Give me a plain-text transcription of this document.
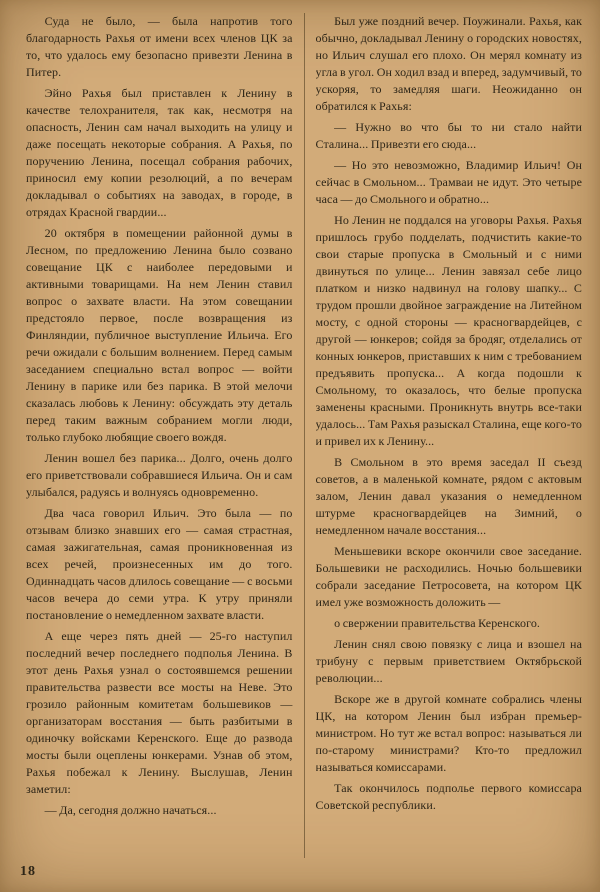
Суда не было, — была напротив того благодарность Рахья от имени всех членов ЦК за то, что удалось ему безопасно привезти Ленина в Питер.

Эйно Рахья был приставлен к Ленину в качестве телохранителя, так как, несмотря на опасность, Ленин сам начал выходить на улицу и даже посещать некоторые собрания. А Рахья, по поручению Ленина, посещал собрания рабочих, приносил ему копии резолюций, а по вечерам докладывал о событиях на заводах, в городе, в отрядах Красной гвардии...

20 октября в помещении районной думы в Лесном, по предложению Ленина было созвано совещание ЦК с наиболее передовыми и активными товарищами. На нем Ленин ставил вопрос о захвате власти. На этом совещании предстояло первое, после возвращения из Финляндии, публичное выступление Ильича. Его речи ожидали с большим волнением. Перед самым заседанием специально встал вопрос — войти Ленину в парике или без парика. В этой мелочи сказалась любовь к Ленину: обсуждать эту деталь перед таким важным собранием могли люди, только глубоко любящие своего вождя.

Ленин вошел без парика... Долго, очень долго его приветствовали собравшиеся Ильича. Он и сам улыбался, радуясь и волнуясь одновременно.

Два часа говорил Ильич. Это была — по отзывам близко знавших его — самая страстная, самая зажигательная, самая проникновенная из всех речей, произнесенных им до того. Одиннадцать часов длилось совещание — с восьми часов вечера до семи утра. К утру приняли постановление о немедленном захвате власти.

А еще через пять дней — 25-го наступил последний вечер последнего подполья Ленина. В этот день Рахья узнал о состоявшемся решении правительства развести все мосты на Неве. Это грозило районным комитетам большевиков — организаторам восстания — быть разбитыми в одиночку войсками Керенского. Еще до развода мосты были оцеплены юнкерами. Узнав об этом, Рахья побежал к Ленину. Выслушав, Ленин заметил:

— Да, сегодня должно начаться...

Был уже поздний вечер. Поужинали. Рахья, как обычно, докладывал Ленину о городских новостях, но Ильич слушал его плохо. Он мерял комнату из угла в угол. Он ходил взад и вперед, задумчивый, то ускоряя, то замедляя шаги. Неожиданно он обратился к Рахья:

— Нужно во что бы то ни стало найти Сталина... Привезти его сюда...

— Но это невозможно, Владимир Ильич! Он сейчас в Смольном... Трамваи не идут. Это четыре часа — до Смольного и обратно...

Но Ленин не поддался на уговоры Рахья. Рахья пришлось грубо подделать, подчистить какие-то свои старые пропуска в Смольный и с ними двинуться по улице... Ленин завязал себе лицо платком и низко надвинул на голову шапку... С трудом прошли двойное заграждение на Литейном мосту, с одной стороны — красногвардейцев, с другой — юнкеров; сойдя за бродяг, отделались от конных юнкеров, приставших к ним с требованием предъявить пропуска... А когда подошли к Смольному, то оказалось, что белые пропуска заменены красными. Проникнуть внутрь все-таки удалось... Там Рахья разыскал Сталина, еще кого-то и привел их к Ленину...

В Смольном в это время заседал II съезд советов, а в маленькой комнате, рядом с актовым залом, Ленин давал указания о немедленном штурме красногвардейцев на Зимний, о немедленном начале восстания...

Меньшевики вскоре окончили свое заседание. Большевики не расходились. Ночью большевики собрали заседание Петросовета, на котором ЦК имел уже возможность доложить —

о свержении правительства Керенского.

Ленин снял свою повязку с лица и взошел на трибуну с первым приветствием Октябрьской революции...

Вскоре же в другой комнате собрались члены ЦК, на котором Ленин был избран премьер-министром. Но тут же встал вопрос: называться ли по-старому министрами? Кто-то предложил называться комиссарами.

Так окончилось подполье первого комиссара Советской республики.

18
